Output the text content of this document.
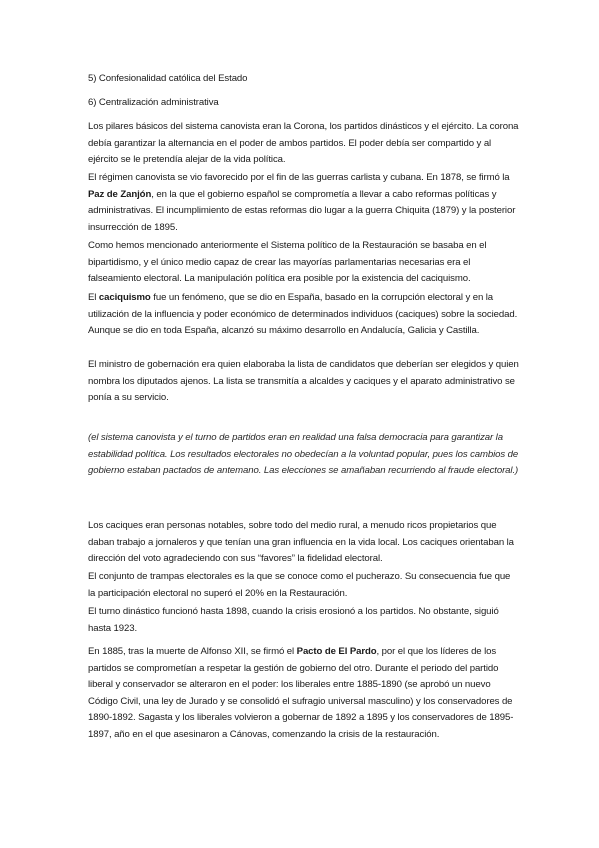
5) Confesionalidad católica del Estado

6) Centralización administrativa

Los pilares básicos del sistema canovista eran la Corona, los partidos dinásticos y el ejército. La corona debía garantizar la alternancia en el poder de ambos partidos. El poder debía ser compartido y al ejército se le pretendía alejar de la vida política.

El régimen canovista se vio favorecido por el fin de las guerras carlista y cubana. En 1878, se firmó la Paz de Zanjón, en la que el gobierno español se comprometía a llevar a cabo reformas políticas y administrativas. El incumplimiento de estas reformas dio lugar a la guerra Chiquita (1879) y la posterior insurrección de 1895.

Como hemos mencionado anteriormente el Sistema político de la Restauración se basaba en el bipartidismo, y el único medio capaz de crear las mayorías parlamentarias necesarias era el falseamiento electoral. La manipulación política era posible por la existencia del caciquismo.

El caciquismo fue un fenómeno, que se dio en España, basado en la corrupción electoral y en la utilización de la influencia y poder económico de determinados individuos (caciques) sobre la sociedad. Aunque se dio en toda España, alcanzó su máximo desarrollo en Andalucía, Galicia y Castilla.

El ministro de gobernación era quien elaboraba la lista de candidatos que deberían ser elegidos y quien nombra los diputados ajenos. La lista se transmitía a alcaldes y caciques y el aparato administrativo se ponía a su servicio.

(el sistema canovista y el turno de partidos eran en realidad una falsa democracia para garantizar la estabilidad política. Los resultados electorales no obedecían a la voluntad popular, pues los cambios de gobierno estaban pactados de antemano. Las elecciones se amañaban recurriendo al fraude electoral.)

Los caciques eran personas notables, sobre todo del medio rural, a menudo ricos propietarios que daban trabajo a jornaleros y que tenían una gran influencia en la vida local. Los caciques orientaban la dirección del voto agradeciendo con sus “favores” la fidelidad electoral.

El conjunto de trampas electorales es la que se conoce como el pucherazo. Su consecuencia fue que la participación electoral no superó el 20% en la Restauración.

El turno dinástico funcionó hasta 1898, cuando la crisis erosionó a los partidos. No obstante, siguió hasta 1923.

En 1885, tras la muerte de Alfonso XII, se firmó el Pacto de El Pardo, por el que los líderes de los partidos se comprometían a respetar la gestión de gobierno del otro. Durante el periodo del partido liberal y conservador se alteraron en el poder: los liberales entre 1885-1890 (se aprobó un nuevo Código Civil, una ley de Jurado y se consolidó el sufragio universal masculino) y los conservadores de 1890-1892. Sagasta y los liberales volvieron a gobernar de 1892 a 1895 y los conservadores de 1895-1897, año en el que asesinaron a Cánovas, comenzando la crisis de la restauración.
